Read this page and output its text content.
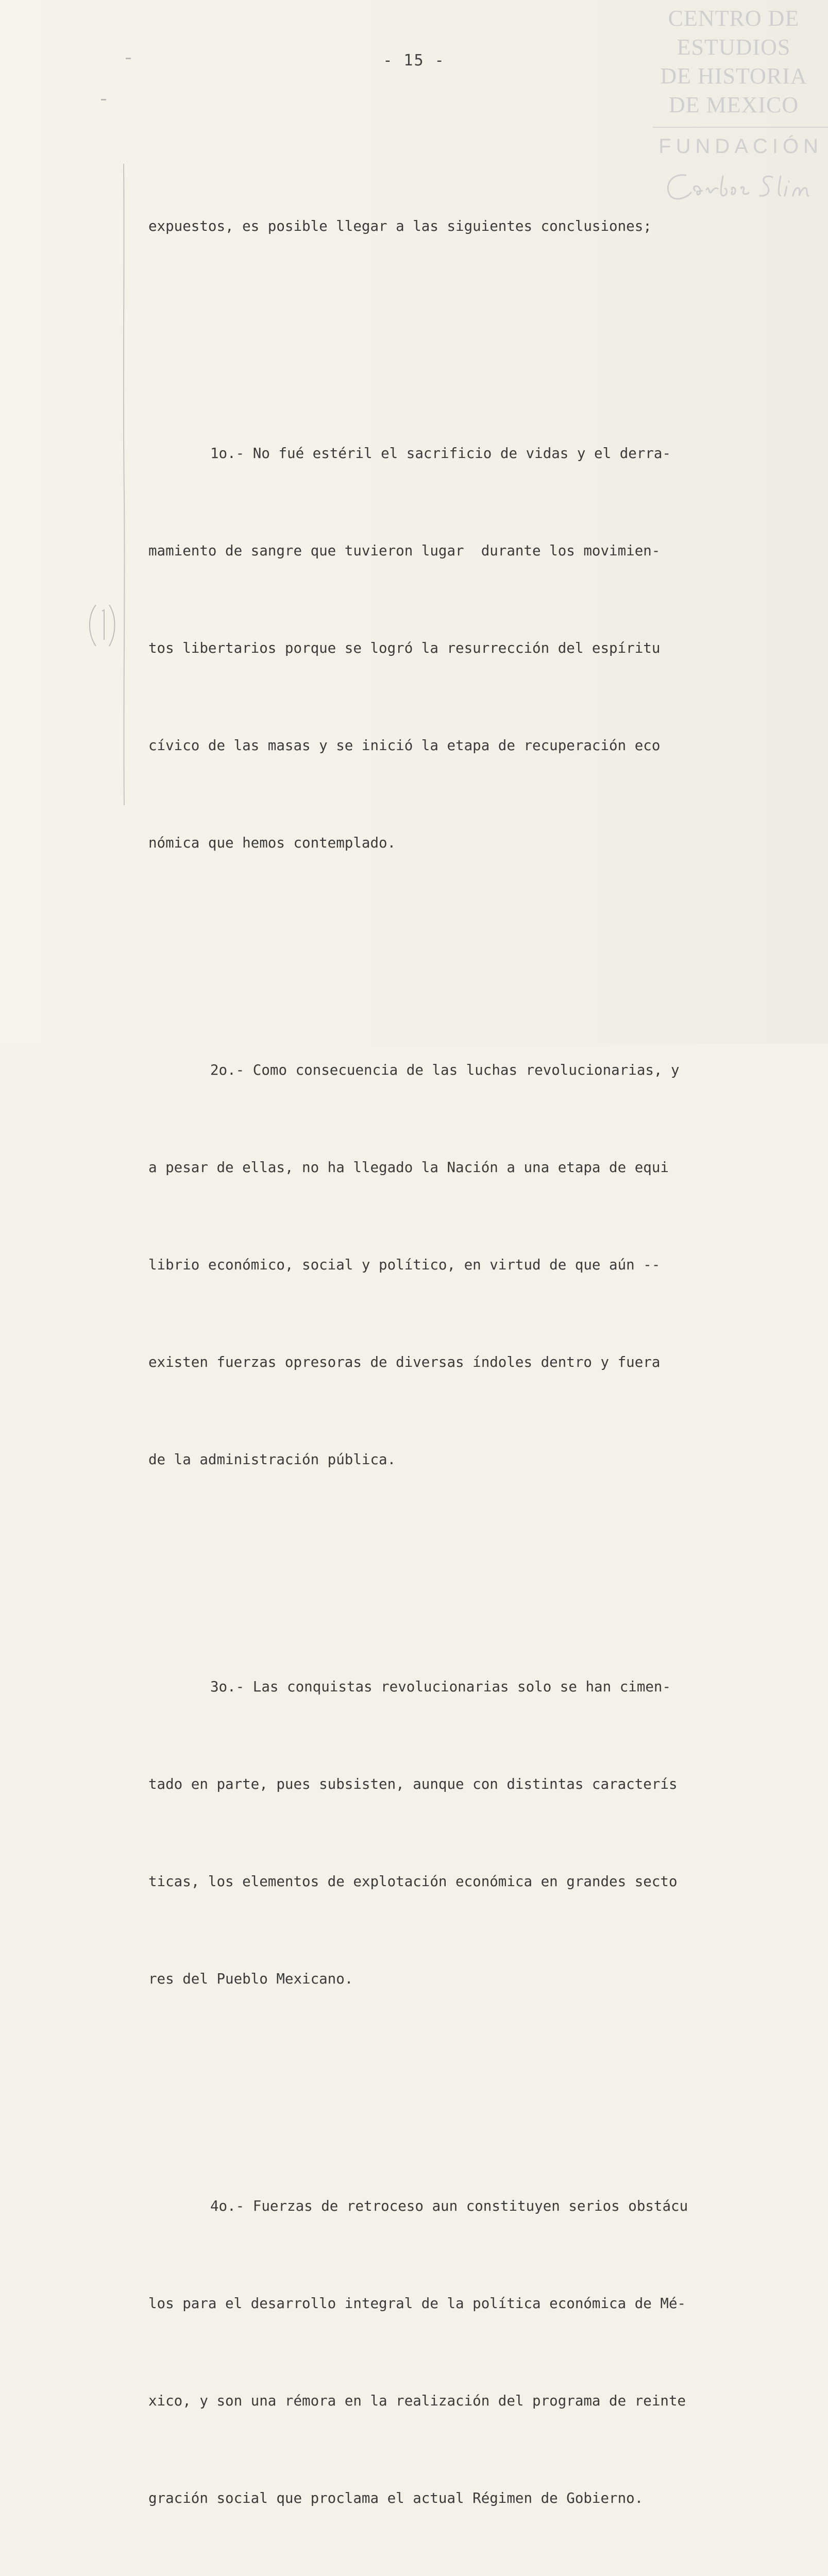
CENTRO DE
ESTUDIOS
DE HISTORIA
DE MEXICO
FUNDACIÓN
(1)
- 15 -

expuestos, es posible llegar a las siguientes conclusiones;

1o.- No fué estéril el sacrificio de vidas y el derra-

mamiento de sangre que tuvieron lugar  durante los movimien-

tos libertarios porque se logró la resurrección del espíritu

cívico de las masas y se inició la etapa de recuperación eco

nómica que hemos contemplado.

2o.- Como consecuencia de las luchas revolucionarias, y

a pesar de ellas, no ha llegado la Nación a una etapa de equi

librio económico, social y político, en virtud de que aún --

existen fuerzas opresoras de diversas índoles dentro y fuera

de la administración pública.

3o.- Las conquistas revolucionarias solo se han cimen-

tado en parte, pues subsisten, aunque con distintas caracterís

ticas, los elementos de explotación económica en grandes secto

res del Pueblo Mexicano.

4o.- Fuerzas de retroceso aun constituyen serios obstácu

los para el desarrollo integral de la política económica de Mé-

xico, y son una rémora en la realización del programa de reinte

gración social que proclama el actual Régimen de Gobierno.
